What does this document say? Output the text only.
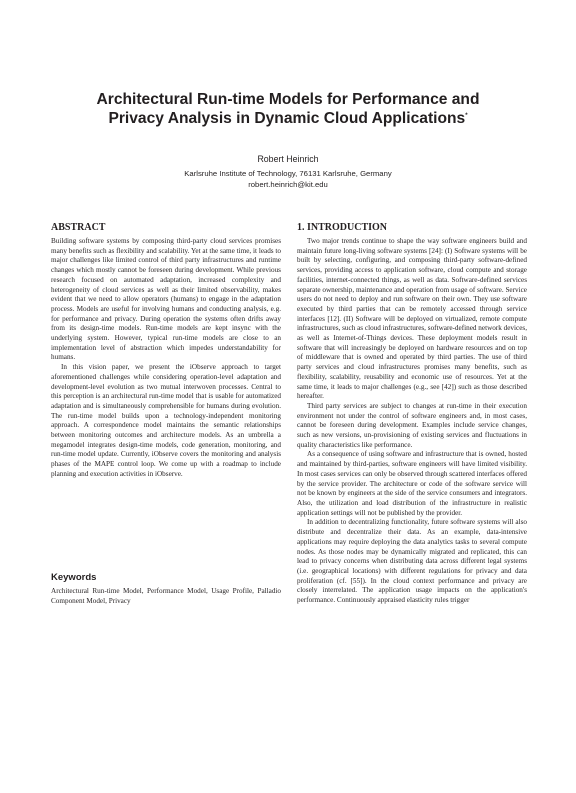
Architectural Run-time Models for Performance and
Privacy Analysis in Dynamic Cloud Applications*

Robert Heinrich

Karlsruhe Institute of Technology, 76131 Karlsruhe, Germany
robert.heinrich@kit.edu
ABSTRACT

Building software systems by composing third-party cloud services promises many benefits such as flexibility and scalability. Yet at the same time, it leads to major challenges like limited control of third party infrastructures and runtime changes which mostly cannot be foreseen during development. While previous research focused on automated adaptation, increased complexity and heterogeneity of cloud services as well as their limited observability, makes evident that we need to allow operators (humans) to engage in the adaptation process. Models are useful for involving humans and conducting analysis, e.g. for performance and privacy. During operation the systems often drifts away from its design-time models. Run-time models are kept insync with the underlying system. However, typical run-time models are close to an implementation level of abstraction which impedes understandability for humans.

In this vision paper, we present the iObserve approach to target aforementioned challenges while considering operation-level adaptation and development-level evolution as two mutual interwoven processes. Central to this perception is an architectural run-time model that is usable for automatized adaptation and is simultaneously comprehensible for humans during evolution. The run-time model builds upon a technology-independent monitoring approach. A correspondence model maintains the semantic relationships between monitoring outcomes and architecture models. As an umbrella a megamodel integrates design-time models, code generation, monitoring, and run-time model update. Currently, iObserve covers the monitoring and analysis phases of the MAPE control loop. We come up with a roadmap to include planning and execution activities in iObserve.

Keywords

Architectural Run-time Model, Performance Model, Usage Profile, Palladio Component Model, Privacy

1. INTRODUCTION

Two major trends continue to shape the way software engineers build and maintain future long-living software systems [24]: (I) Software systems will be built by selecting, configuring, and composing third-party software-defined services, providing access to application software, cloud compute and storage facilities, internet-connected things, as well as data. Software-defined services separate ownership, maintenance and operation from usage of software. Service users do not need to deploy and run software on their own. They use software executed by third parties that can be remotely accessed through service interfaces [12]. (II) Software will be deployed on virtualized, remote compute infrastructures, such as cloud infrastructures, software-defined network devices, as well as Internet-of-Things devices. These deployment models result in software that will increasingly be deployed on hardware resources and on top of middleware that is owned and operated by third parties. The use of third party services and cloud infrastructures promises many benefits, such as flexibility, scalability, reusability and economic use of resources. Yet at the same time, it leads to major challenges (e.g., see [42]) such as those described hereafter.

Third party services are subject to changes at run-time in their execution environment not under the control of software engineers and, in most cases, cannot be foreseen during development. Examples include service changes, such as new versions, un-provisioning of existing services and fluctuations in quality characteristics like performance.

As a consequence of using software and infrastructure that is owned, hosted and maintained by third-parties, software engineers will have limited visibility. In most cases services can only be observed through scattered interfaces offered by the service provider. The architecture or code of the software service will not be known by engineers at the side of the service consumers and integrators. Also, the utilization and load distribution of the infrastructure in realistic application settings will not be published by the provider.

In addition to decentralizing functionality, future software systems will also distribute and decentralize their data. As an example, data-intensive applications may require deploying the data analytics tasks to several compute nodes. As those nodes may be dynamically migrated and replicated, this can lead to privacy concerns when distributing data across different legal systems (i.e. geographical locations) with different regulations for privacy and data proliferation (cf. [55]). In the cloud context performance and privacy are closely interrelated. The application usage impacts on the application's performance. Continuously appraised elasticity rules trigger
